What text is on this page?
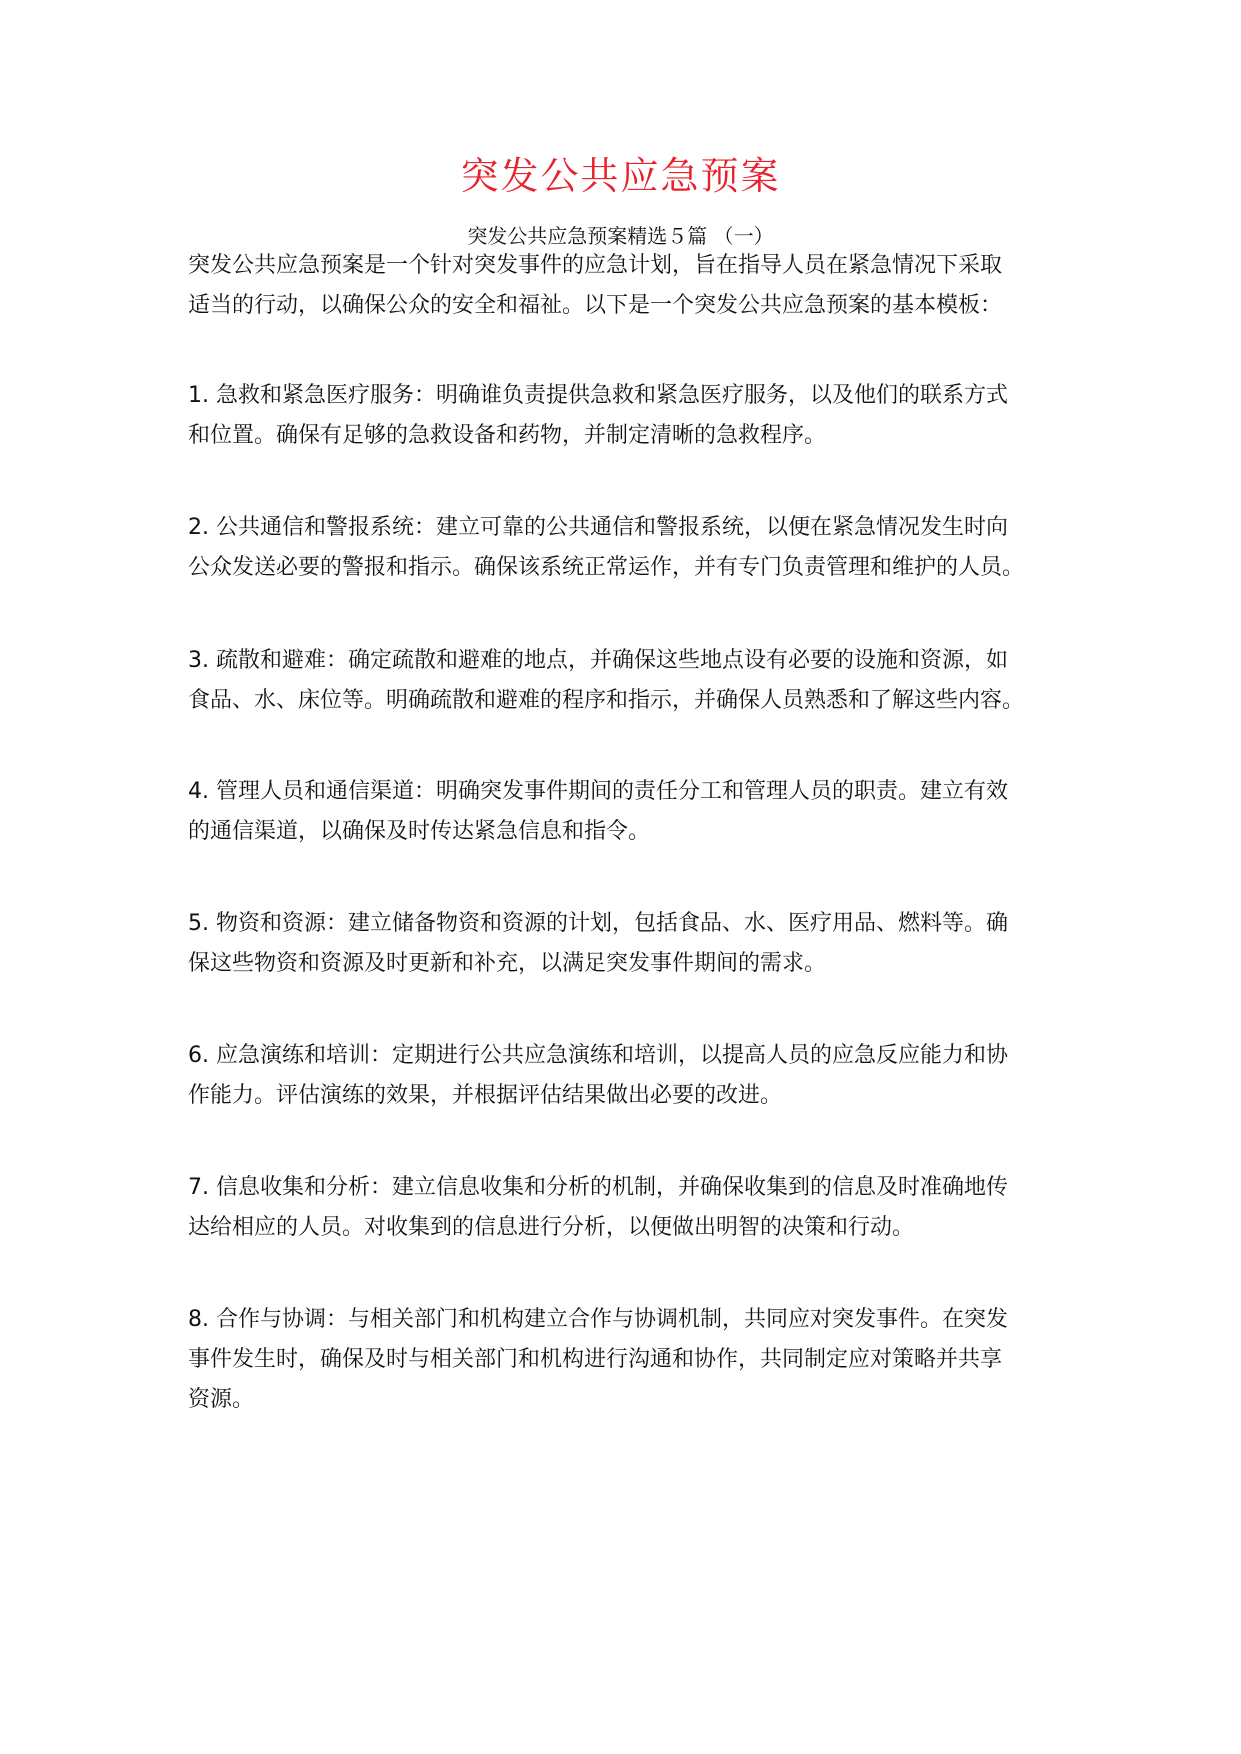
突发公共应急预案
突发公共应急预案精选５篇 （一）
突发公共应急预案是一个针对突发事件的应急计划，旨在指导人员在紧急情况下采取
适当的行动，以确保公众的安全和福祉。以下是一个突发公共应急预案的基本模板：
1. 急救和紧急医疗服务：明确谁负责提供急救和紧急医疗服务，以及他们的联系方式
和位置。确保有足够的急救设备和药物，并制定清晰的急救程序。
2. 公共通信和警报系统：建立可靠的公共通信和警报系统，以便在紧急情况发生时向
公众发送必要的警报和指示。确保该系统正常运作，并有专门负责管理和维护的人员。
3. 疏散和避难：确定疏散和避难的地点，并确保这些地点设有必要的设施和资源，如
食品、水、床位等。明确疏散和避难的程序和指示，并确保人员熟悉和了解这些内容。
4. 管理人员和通信渠道：明确突发事件期间的责任分工和管理人员的职责。建立有效
的通信渠道，以确保及时传达紧急信息和指令。
5. 物资和资源：建立储备物资和资源的计划，包括食品、水、医疗用品、燃料等。确
保这些物资和资源及时更新和补充，以满足突发事件期间的需求。
6. 应急演练和培训：定期进行公共应急演练和培训，以提高人员的应急反应能力和协
作能力。评估演练的效果，并根据评估结果做出必要的改进。
7. 信息收集和分析：建立信息收集和分析的机制，并确保收集到的信息及时准确地传
达给相应的人员。对收集到的信息进行分析，以便做出明智的决策和行动。
8. 合作与协调：与相关部门和机构建立合作与协调机制，共同应对突发事件。在突发
事件发生时，确保及时与相关部门和机构进行沟通和协作，共同制定应对策略并共享
资源。
